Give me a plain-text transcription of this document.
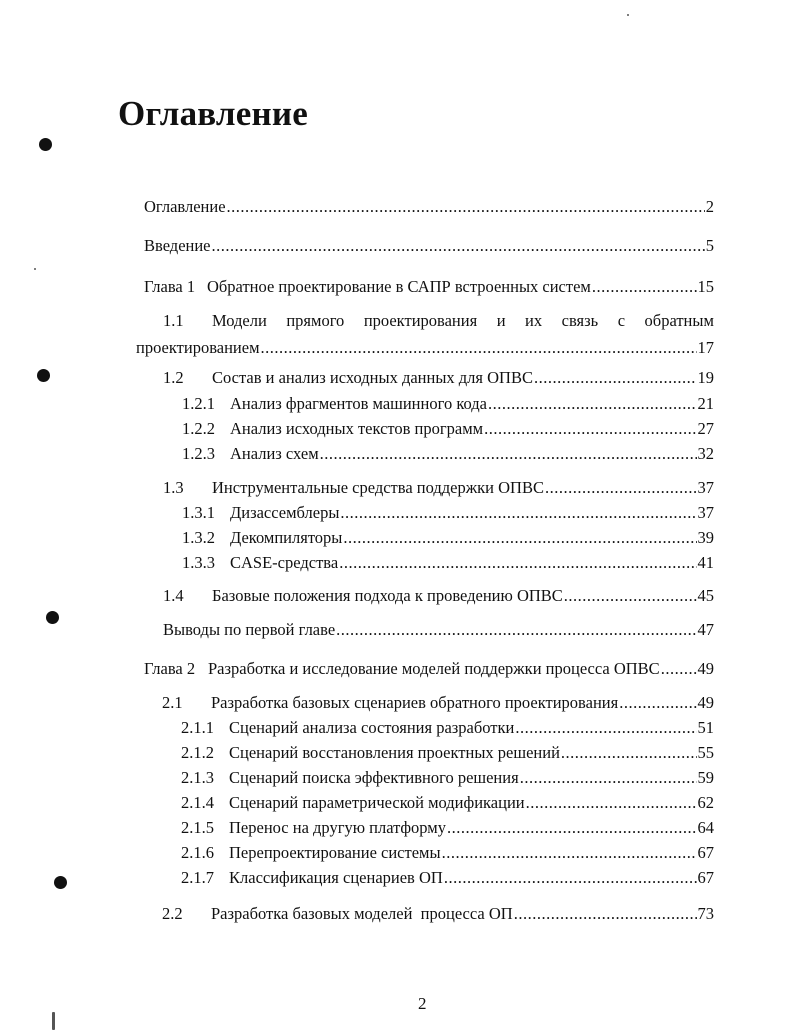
Оглавление
Оглавление .....	2
Введение .....	5
Глава 1 Обратное проектирование в САПР встроенных систем .....	15
1.1 Модели прямого проектирования и их связь с обратным
проектированием .....	17
1.2	Состав и анализ исходных данных для ОПВС .....	19
1.2.1 Анализ фрагментов машинного кода .....	21
1.2.2 Анализ исходных текстов программ .....	27
1.2.3 Анализ схем .....	32
1.3	Инструментальные средства поддержки ОПВС .....	37
1.3.1 Дизассемблеры .....	37
1.3.2 Декомпиляторы .....	39
1.3.3 CASE-средства .....	41
1.4	Базовые положения подхода к проведению ОПВС .....	45
Выводы по первой главе .....	47
Глава 2 Разработка и исследование моделей поддержки процесса ОПВС ..... 49
2.1	Разработка базовых сценариев обратного проектирования .....	49
2.1.1 Сценарий анализа состояния разработки .....	51
2.1.2 Сценарий восстановления проектных решений .....	55
2.1.3 Сценарий поиска эффективного решения .....	59
2.1.4 Сценарий параметрической модификации .....	62
2.1.5 Перенос на другую платформу .....	64
2.1.6 Перепроектирование системы .....	67
2.1.7 Классификация сценариев ОП .....	67
2.2	Разработка базовых моделей  процесса ОП .....	73
2
